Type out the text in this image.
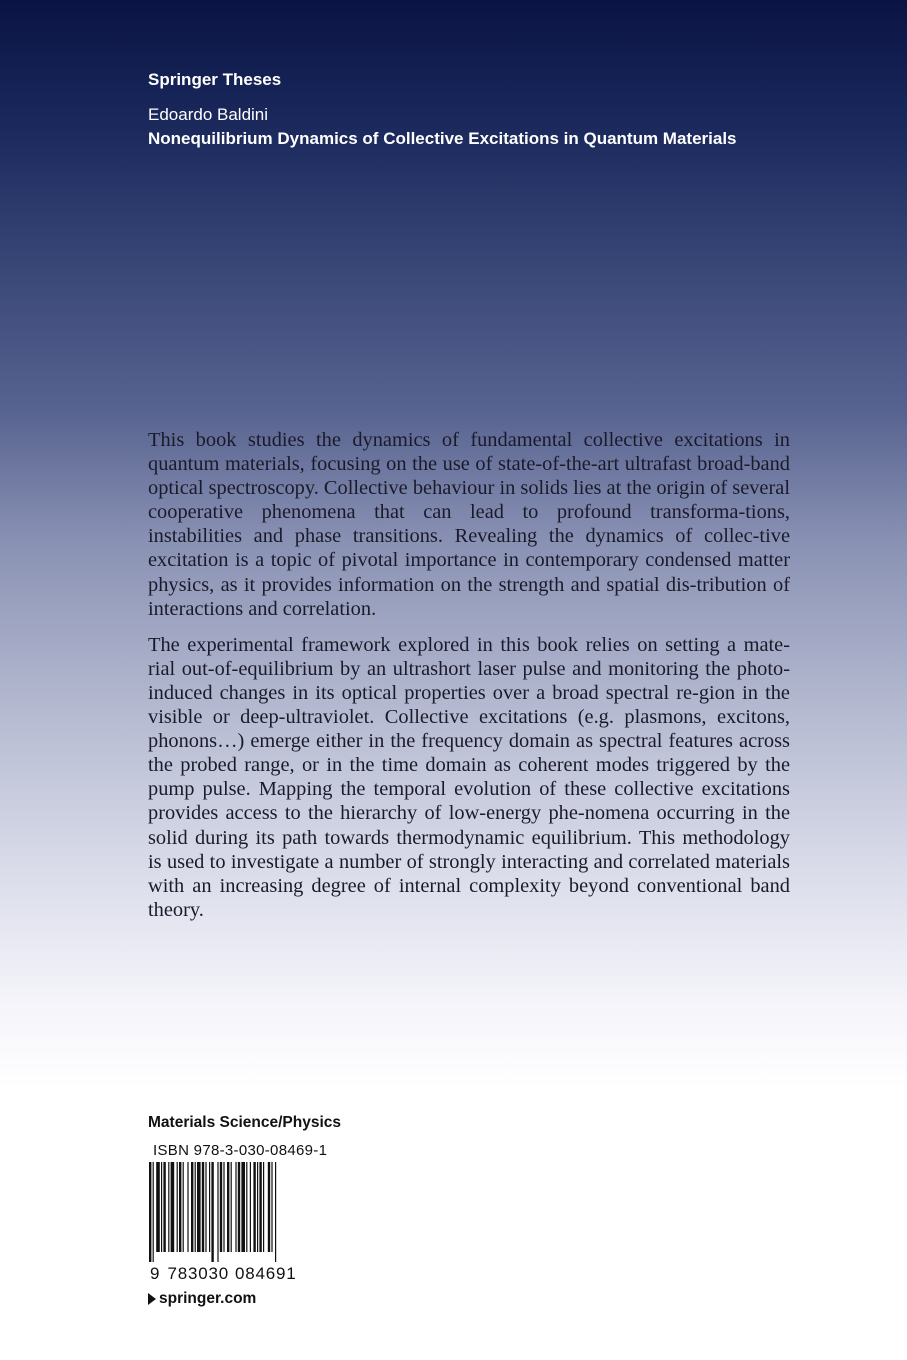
Springer Theses

Edoardo Baldini

Nonequilibrium Dynamics of Collective Excitations in Quantum Materials

This book studies the dynamics of fundamental collective excitations in quantum materials, focusing on the use of state-of-the-art ultrafast broad-band optical spectroscopy. Collective behaviour in solids lies at the origin of several cooperative phenomena that can lead to profound transforma-tions, instabilities and phase transitions. Revealing the dynamics of collec-tive excitation is a topic of pivotal importance in contemporary condensed matter physics, as it provides information on the strength and spatial dis-tribution of interactions and correlation.

The experimental framework explored in this book relies on setting a mate-rial out-of-equilibrium by an ultrashort laser pulse and monitoring the photo-induced changes in its optical properties over a broad spectral re-gion in the visible or deep-ultraviolet. Collective excitations (e.g. plasmons, excitons, phonons…) emerge either in the frequency domain as spectral features across the probed range, or in the time domain as coherent modes triggered by the pump pulse. Mapping the temporal evolution of these collective excitations provides access to the hierarchy of low-energy phe-nomena occurring in the solid during its path towards thermodynamic equilibrium. This methodology is used to investigate a number of strongly interacting and correlated materials with an increasing degree of internal complexity beyond conventional band theory.

Materials Science/Physics
ISBN 978-3-030-08469-1
9 783030 084691
springer.com
